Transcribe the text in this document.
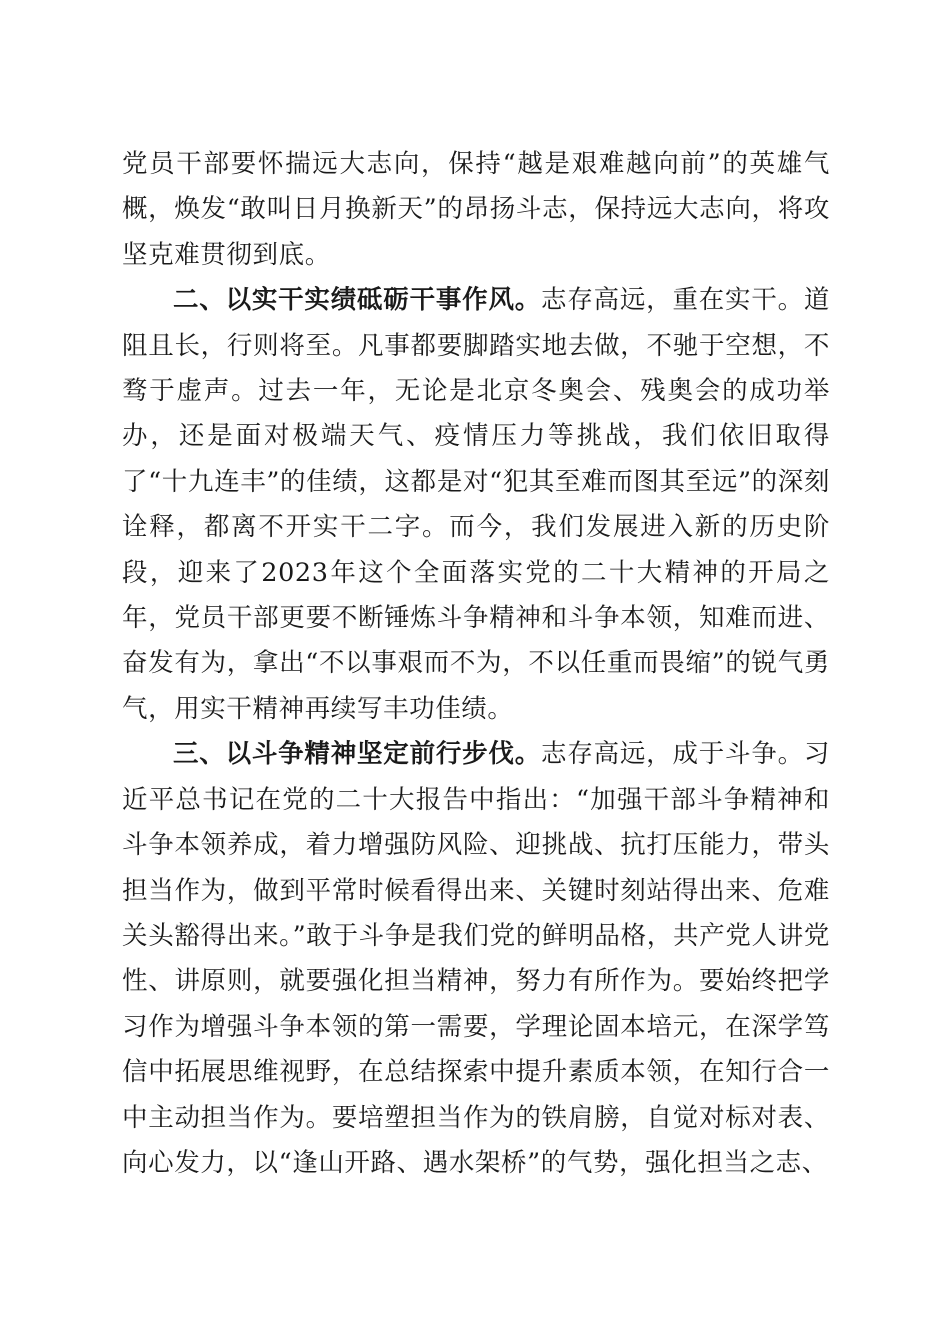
党员干部要怀揣远大志向，保持“越是艰难越向前”的英雄气概，焕发“敢叫日月换新天”的昂扬斗志，保持远大志向，将攻坚克难贯彻到底。

二、以实干实绩砥砺干事作风。志存高远，重在实干。道阻且长，行则将至。凡事都要脚踏实地去做，不驰于空想，不骛于虚声。过去一年，无论是北京冬奥会、残奥会的成功举办，还是面对极端天气、疫情压力等挑战，我们依旧取得了“十九连丰”的佳绩，这都是对“犯其至难而图其至远”的深刻诠释，都离不开实干二字。而今，我们发展进入新的历史阶段，迎来了2023年这个全面落实党的二十大精神的开局之年，党员干部更要不断锤炼斗争精神和斗争本领，知难而进、奋发有为，拿出“不以事艰而不为，不以任重而畏缩”的锐气勇气，用实干精神再续写丰功佳绩。

三、以斗争精神坚定前行步伐。志存高远，成于斗争。习近平总书记在党的二十大报告中指出：“加强干部斗争精神和斗争本领养成，着力增强防风险、迎挑战、抗打压能力，带头担当作为，做到平常时候看得出来、关键时刻站得出来、危难关头豁得出来。”敢于斗争是我们党的鲜明品格，共产党人讲党性、讲原则，就要强化担当精神，努力有所作为。要始终把学习作为增强斗争本领的第一需要，学理论固本培元，在深学笃信中拓展思维视野，在总结探索中提升素质本领，在知行合一中主动担当作为。要培塑担当作为的铁肩膀，自觉对标对表、向心发力，以“逢山开路、遇水架桥”的气势，强化担当之志、
